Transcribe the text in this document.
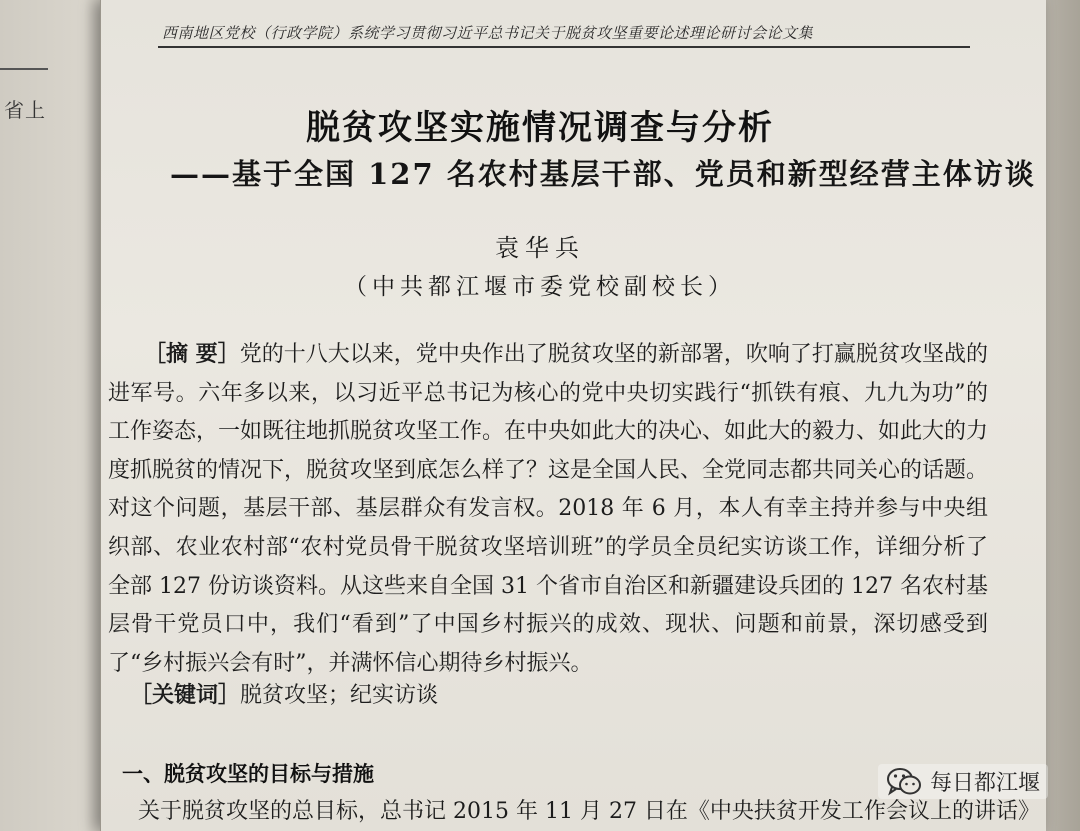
省上
西南地区党校（行政学院）系统学习贯彻习近平总书记关于脱贫攻坚重要论述理论研讨会论文集
脱贫攻坚实施情况调查与分析
——基于全国 127 名农村基层干部、党员和新型经营主体访谈
袁华兵
（中共都江堰市委党校副校长）
［摘 要］党的十八大以来，党中央作出了脱贫攻坚的新部署，吹响了打赢脱贫攻坚战的进军号。六年多以来，以习近平总书记为核心的党中央切实践行“抓铁有痕、九九为功”的工作姿态，一如既往地抓脱贫攻坚工作。在中央如此大的决心、如此大的毅力、如此大的力度抓脱贫的情况下，脱贫攻坚到底怎么样了？这是全国人民、全党同志都共同关心的话题。对这个问题，基层干部、基层群众有发言权。2018 年 6 月，本人有幸主持并参与中央组织部、农业农村部“农村党员骨干脱贫攻坚培训班”的学员全员纪实访谈工作，详细分析了全部 127 份访谈资料。从这些来自全国 31 个省市自治区和新疆建设兵团的 127 名农村基层骨干党员口中，我们“看到”了中国乡村振兴的成效、现状、问题和前景，深切感受到了“乡村振兴会有时”，并满怀信心期待乡村振兴。
［关键词］脱贫攻坚；纪实访谈
一、脱贫攻坚的目标与措施
关于脱贫攻坚的总目标，总书记 2015 年 11 月 27 日在《中央扶贫开发工作会议上的讲话》
每日都江堰
